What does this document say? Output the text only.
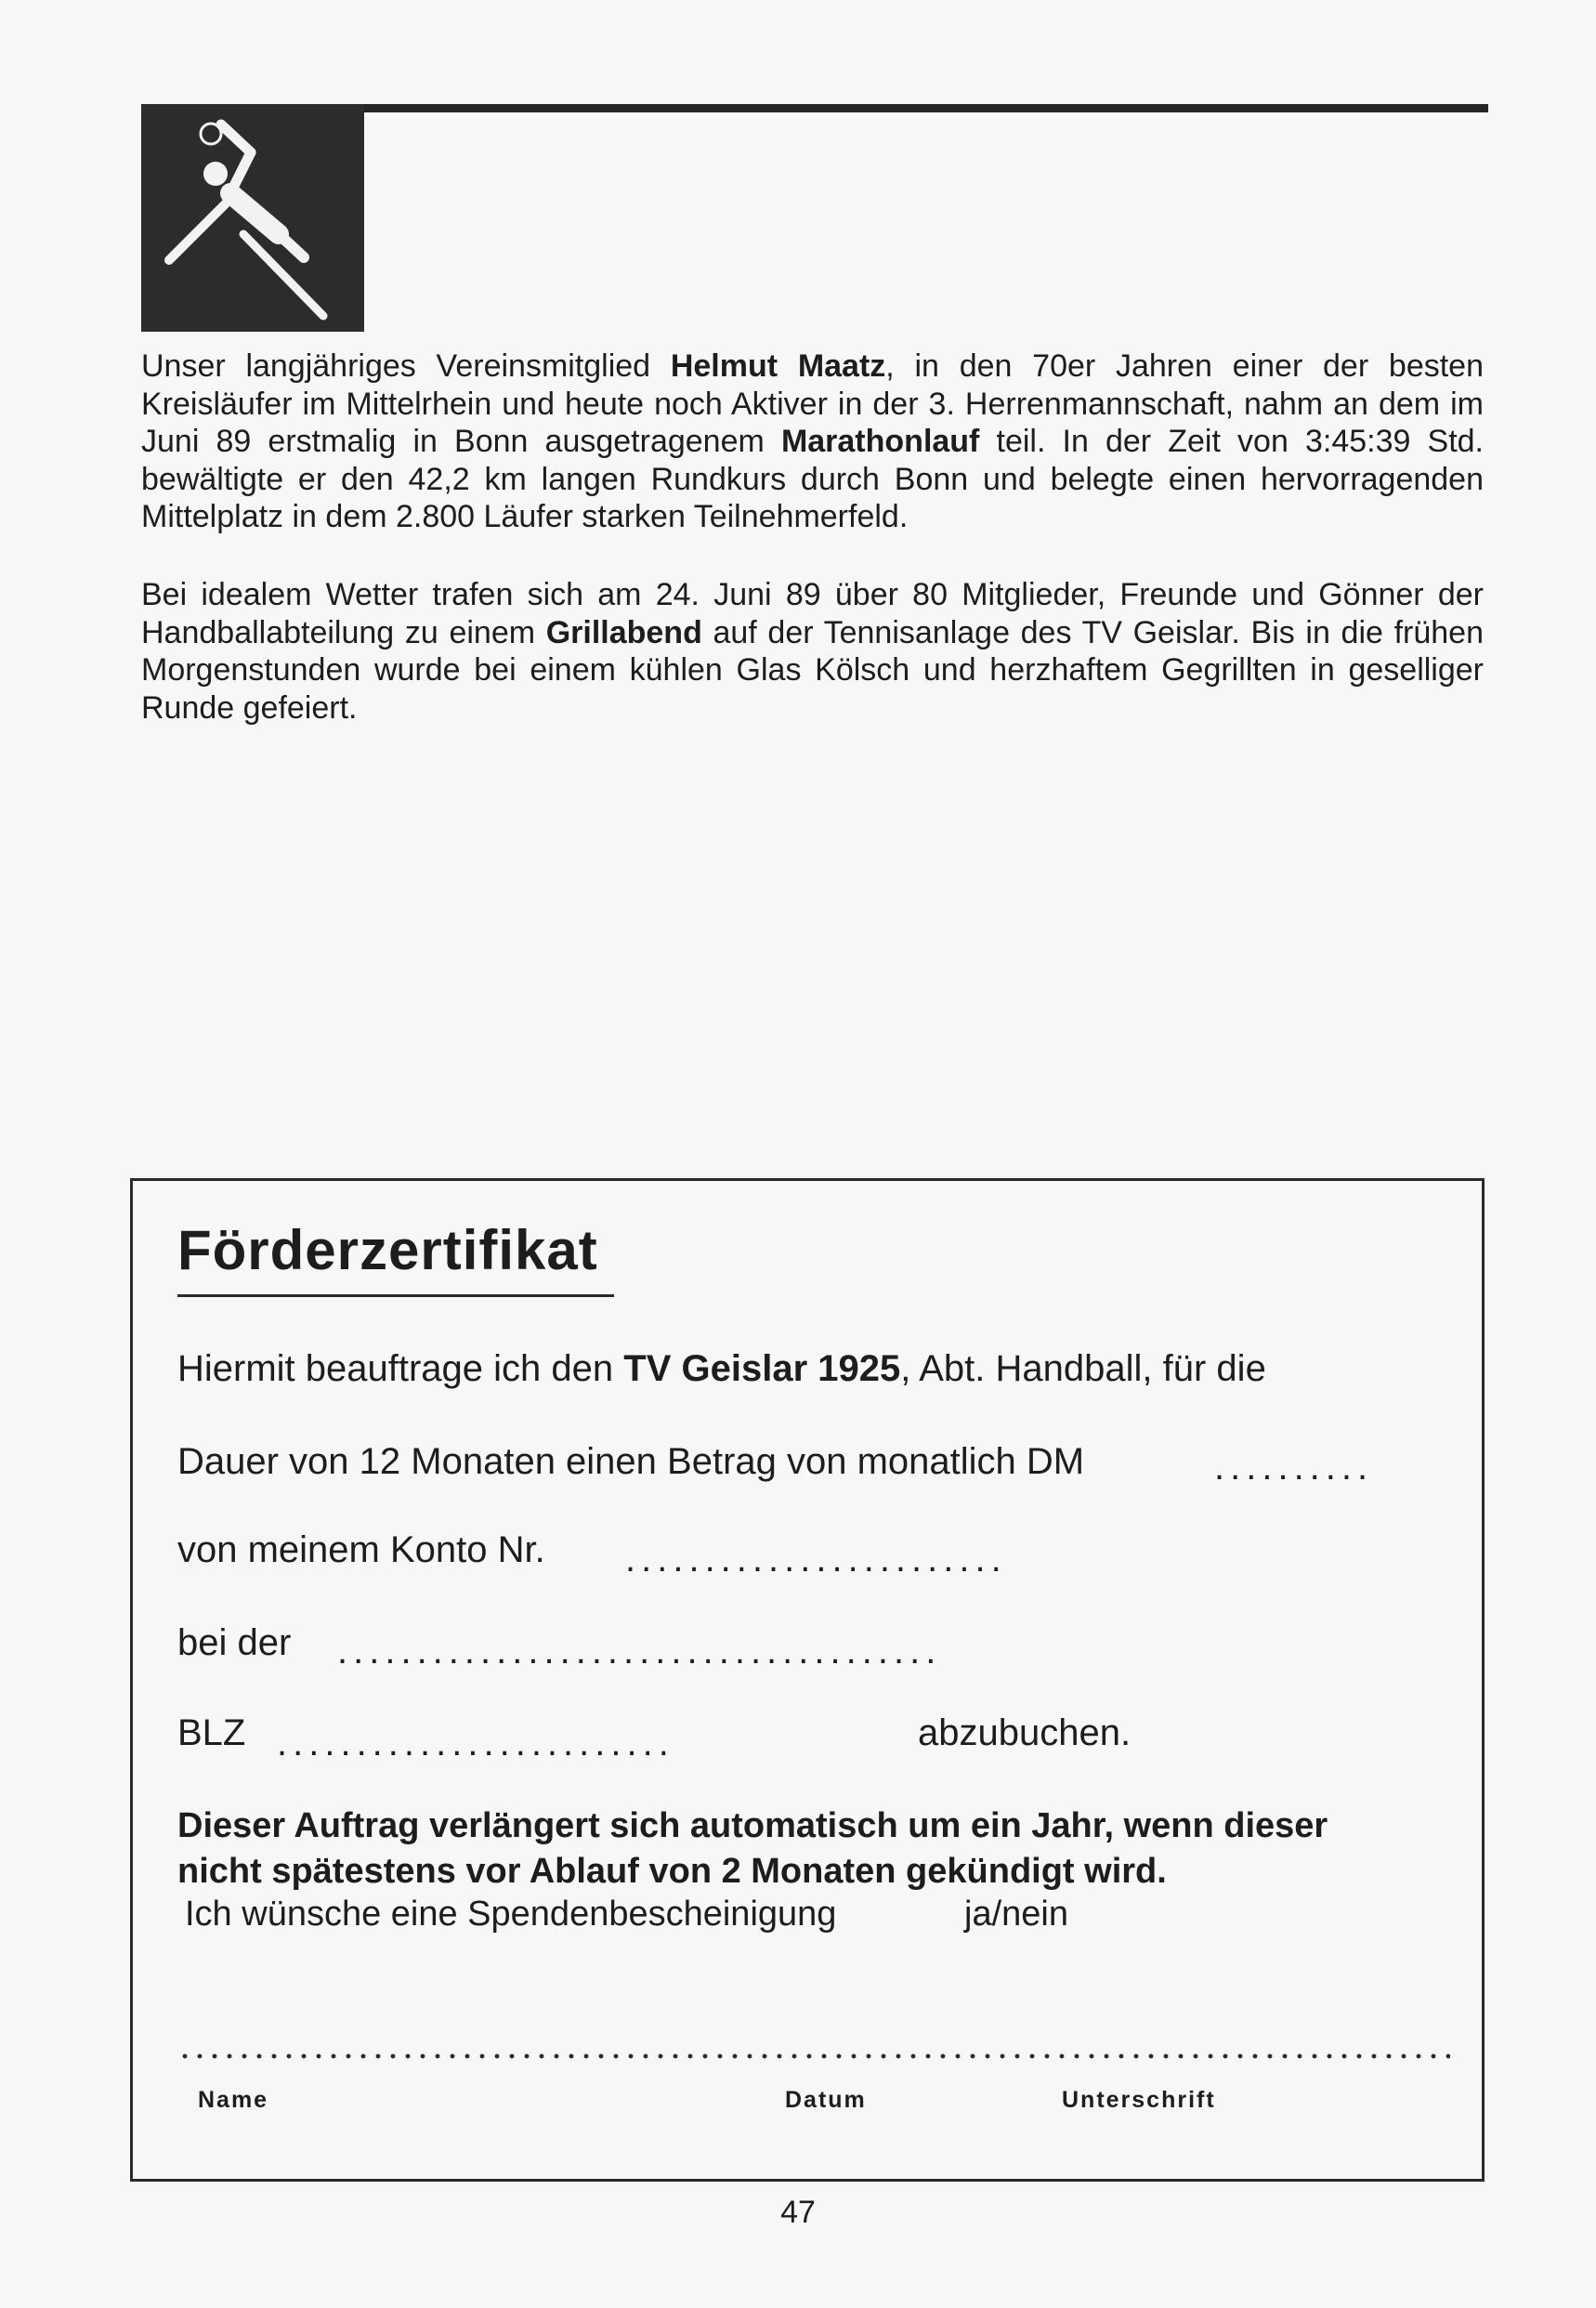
Unser langjähriges Vereinsmitglied Helmut Maatz, in den 70er Jahren einer der besten Kreisläufer im Mittelrhein und heute noch Aktiver in der 3. Herrenmannschaft, nahm an dem im Juni 89 erstmalig in Bonn ausgetragenem Marathonlauf teil. In der Zeit von 3:45:39 Std. bewältigte er den 42,2 km langen Rundkurs durch Bonn und belegte einen hervorragenden Mittelplatz in dem 2.800 Läufer starken Teilnehmerfeld.
Bei idealem Wetter trafen sich am 24. Juni 89 über 80 Mitglieder, Freunde und Gönner der Handballabteilung zu einem Grillabend auf der Tennisanlage des TV Geislar. Bis in die frühen Morgenstunden wurde bei einem kühlen Glas Kölsch und herzhaftem Gegrillten in geselliger Runde gefeiert.
Förderzertifikat
Hiermit beauftrage ich den TV Geislar 1925, Abt. Handball, für die
Dauer von 12 Monaten einen Betrag von monatlich DM	..........
von meinem Konto Nr. ........................
bei der ......................................
BLZ .........................	abzubuchen.
Dieser Auftrag verlängert sich automatisch um ein Jahr, wenn dieser
nicht spätestens vor Ablauf von 2 Monaten gekündigt wird.
Ich wünsche eine Spendenbescheinigung	ja/nein
Name	Datum	Unterschrift
47
